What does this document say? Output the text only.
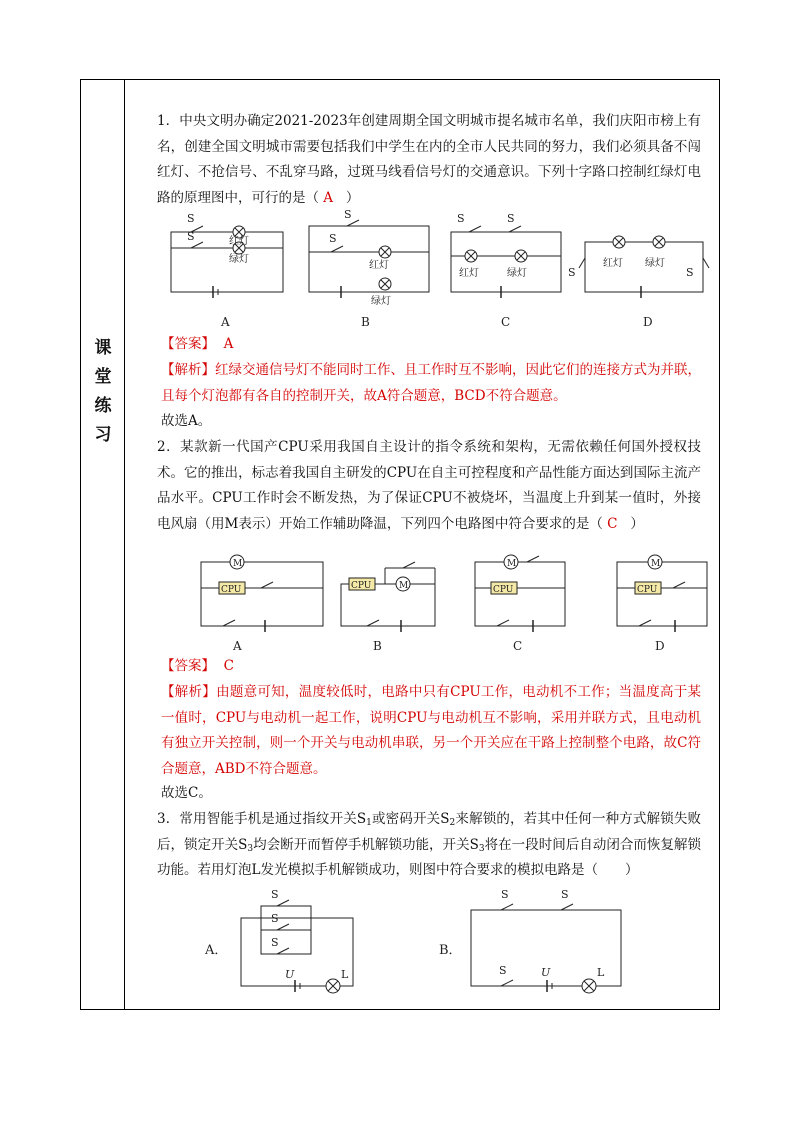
课堂练习
1．中央文明办确定2021-2023年创建周期全国文明城市提名城市名单，我们庆阳市榜上有名，创建全国文明城市需要包括我们中学生在内的全市人民共同的努力，我们必须具备不闯红灯、不抢信号、不乱穿马路，过斑马线看信号灯的交通意识。下列十字路口控制红绿灯电路的原理图中，可行的是（ A ）
S
S	红灯
绿灯
A
S
S
红灯
绿灯
B
S	S
红灯	绿灯
C
S	S
红灯 绿灯
D
【答案】 A
【解析】红绿交通信号灯不能同时工作、且工作时互不影响，因此它们的连接方式为并联，且每个灯泡都有各自的控制开关，故A符合题意，BCD不符合题意。
故选A。
2．某款新一代国产CPU采用我国自主设计的指令系统和架构，无需依赖任何国外授权技术。它的推出，标志着我国自主研发的CPU在自主可控程度和产品性能方面达到国际主流产品水平。CPU工作时会不断发热，为了保证CPU不被烧坏，当温度上升到某一值时，外接电风扇（用M表示）开始工作辅助降温，下列四个电路图中符合要求的是（ C ）
M
CPU
A
CPU	M
B
M
CPU
C
M
CPU
D
【答案】 C
【解析】由题意可知，温度较低时，电路中只有CPU工作，电动机不工作；当温度高于某一值时，CPU与电动机一起工作，说明CPU与电动机互不影响，采用并联方式，且电动机有独立开关控制，则一个开关与电动机串联，另一个开关应在干路上控制整个电路，故C符合题意，ABD不符合题意。
故选C。
3．常用智能手机是通过指纹开关$S_1$或密码开关$S_2$来解锁的，若其中任何一种方式解锁失败后，锁定开关$S_3$均会断开而暂停手机解锁功能，开关$S_3$将在一段时间后自动闭合而恢复解锁功能。若用灯泡L发光模拟手机解锁成功，则图中符合要求的模拟电路是（　　）
A．
S
S
S
U	L
B．
S	S
S	U	L
